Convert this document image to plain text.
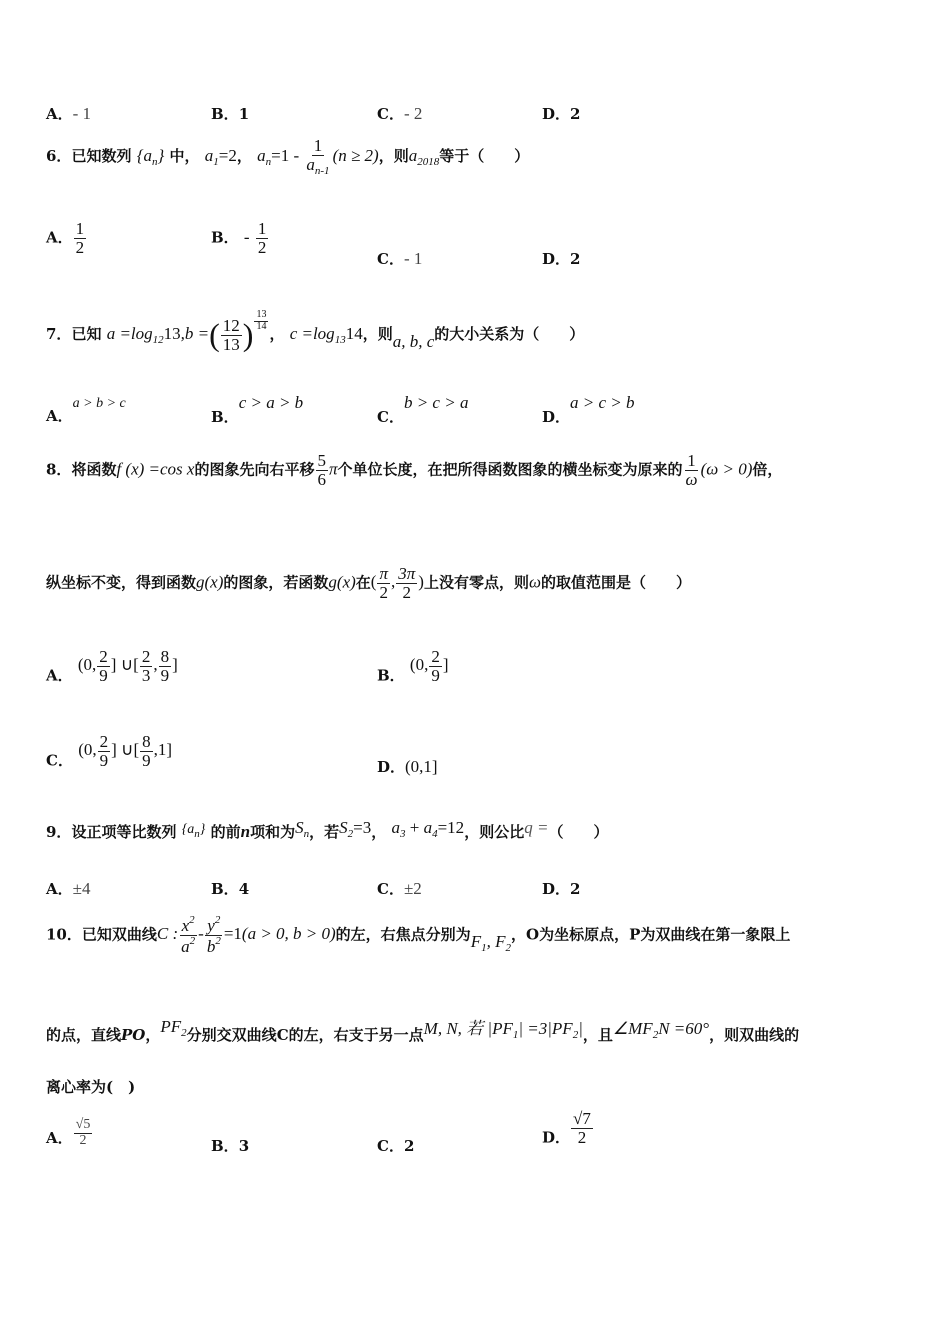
A．- 1	B．1	C．- 2	D．2
6．已知数列 $\{a_n\}$ 中， $a_1=2$， $a_n=1 - \frac{1}{a_{n-1}} (n \ge 2)$，则$a_{2018}$等于（　　）
A． $\frac{1}{2}$	B． - $\frac{1}{2}$
C．- 1	D．2
7．已知 $a =\log_{12}13,b$ =( $\frac{12}{13}$ ) $\frac{13}{14}$
， $c =\log_{13}14$，则a, b, c的大小关系为（　　）
A．a > b > c
B．c > a > b
C．b > c > a
D．a > c > b
8．将函数f (x) =cos x的图象先向右平移 $\frac{5}{6}$ π个单位长度，在把所得函数图象的横坐标变为原来的 $\frac{1}{\omega} (\omega > 0)$倍，
纵坐标不变，得到函数g(x)的图象，若函数g(x)在( $\frac{\pi}{2}$ , $\frac{3\pi}{2}$ )上没有零点，则ω的取值范围是（　　）
A． (0, $\frac{2}{9}$ ] ∪[ $\frac{2}{3}$ , $\frac{8}{9}$ ]
B． (0, $\frac{2}{9}$ ]
C． (0, $\frac{2}{9}$ ] ∪[ $\frac{8}{9} ,1$]
D．(0,1]
9．设正项等比数列 $\{a_n\}$ 的前n项和为$S_n$，若$S_2=3$， $a_3 + a_4=12$，则公比q =（　　）
A．±4	B．4	C．±2	D．2
10．已知双曲线C : $\frac{x^2}{a^2} - \frac{y^2}{b^2} =1(a > 0$, b > 0)的左，右焦点分别为$F_1$, $F_2$，O为坐标原点，P为双曲线在第一象限上
的点，直线PO，$PF_2$分别交双曲线C的左，右支于另一点M, N, 若 $|PF_1| =3|PF_2|$，且$\angle MF_2N =60^\circ$，则双曲线的
离心率为(　)
A． $\frac{√5}{2}$	B．3	C．2	D． $\frac{√7}{2}$
